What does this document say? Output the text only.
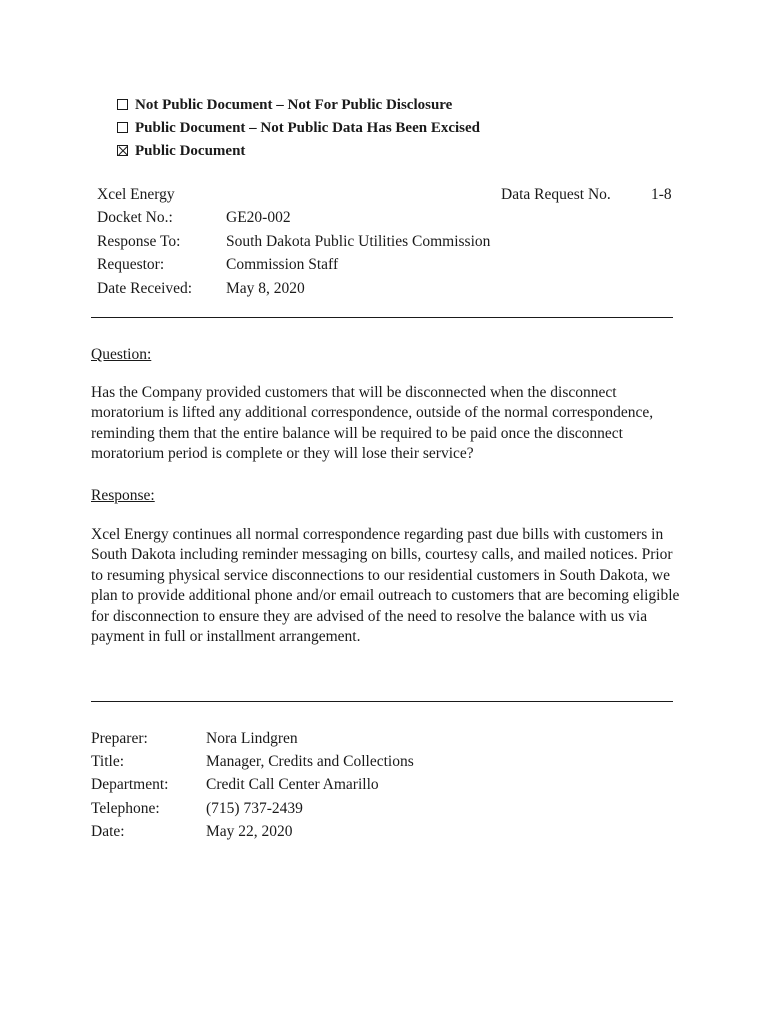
Not Public Document – Not For Public Disclosure
Public Document – Not Public Data Has Been Excised
Public Document
Xcel Energy	Data Request No.	1-8
Docket No.:	GE20-002
Response To:	South Dakota Public Utilities Commission
Requestor:	Commission Staff
Date Received: May 8, 2020
Question:
Has the Company provided customers that will be disconnected when the disconnect moratorium is lifted any additional correspondence, outside of the normal correspondence, reminding them that the entire balance will be required to be paid once the disconnect moratorium period is complete or they will lose their service?
Response:
Xcel Energy continues all normal correspondence regarding past due bills with customers in South Dakota including reminder messaging on bills, courtesy calls, and mailed notices. Prior to resuming physical service disconnections to our residential customers in South Dakota, we plan to provide additional phone and/or email outreach to customers that are becoming eligible for disconnection to ensure they are advised of the need to resolve the balance with us via payment in full or installment arrangement.
Preparer:	Nora Lindgren
Title:	Manager, Credits and Collections
Department: Credit Call Center Amarillo
Telephone:	(715) 737-2439
Date:	May 22, 2020
